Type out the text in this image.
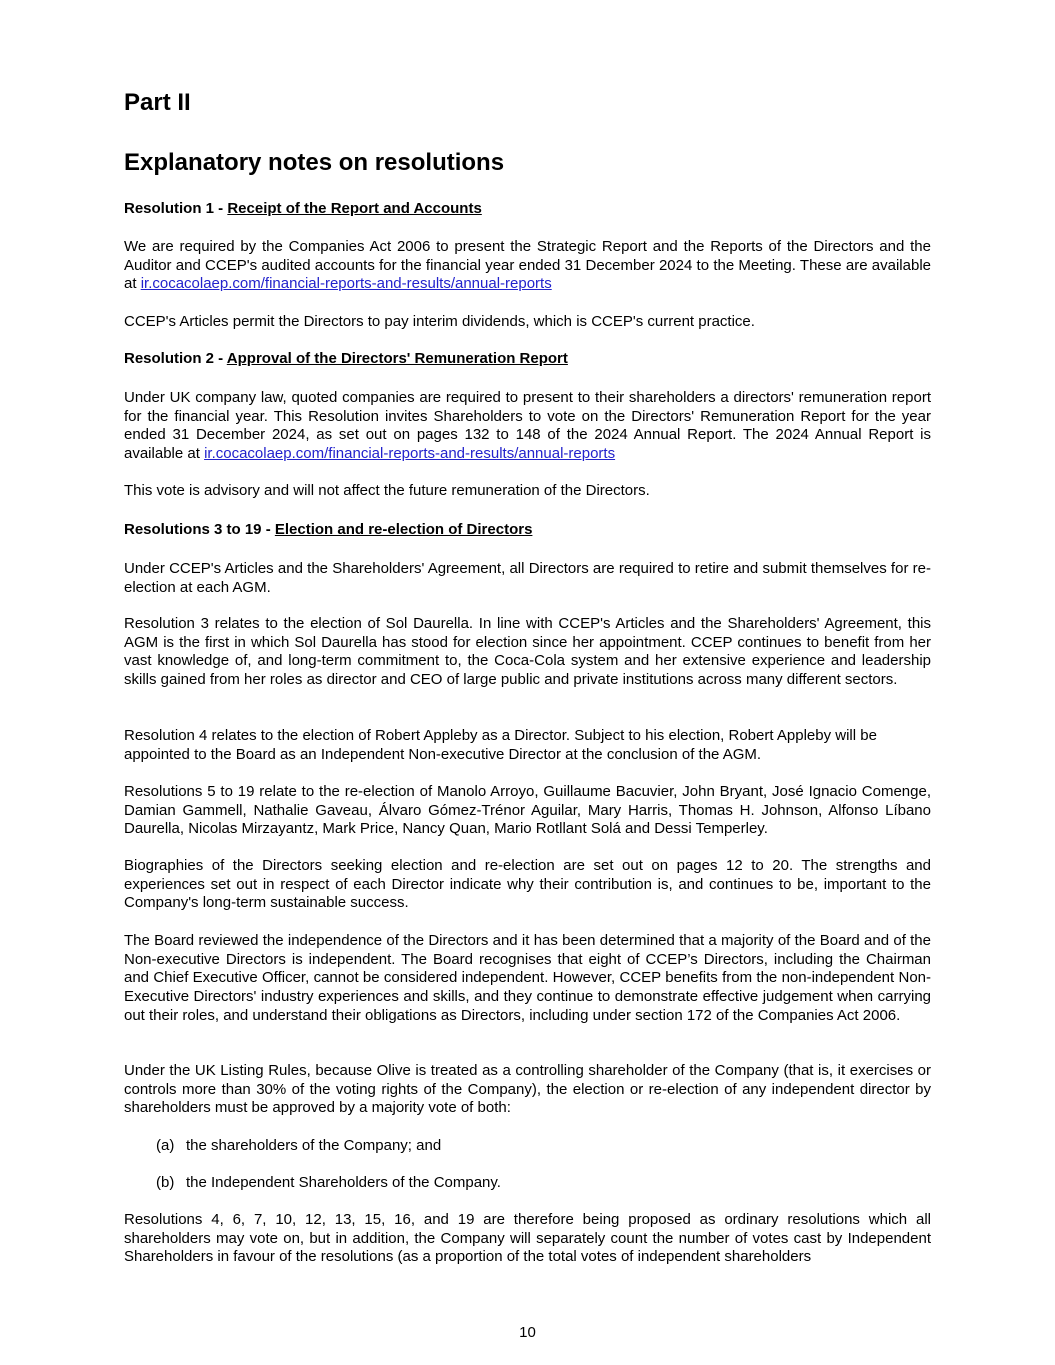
Part II
Explanatory notes on resolutions
Resolution 1 - Receipt of the Report and Accounts

We are required by the Companies Act 2006 to present the Strategic Report and the Reports of the Directors and the Auditor and CCEP's audited accounts for the financial year ended 31 December 2024 to the Meeting. These are available at ir.cocacolaep.com/financial-reports-and-results/annual-reports

CCEP's Articles permit the Directors to pay interim dividends, which is CCEP's current practice.

Resolution 2 - Approval of the Directors' Remuneration Report

Under UK company law, quoted companies are required to present to their shareholders a directors' remuneration report for the financial year. This Resolution invites Shareholders to vote on the Directors' Remuneration Report for the year ended 31 December 2024, as set out on pages 132 to 148 of the 2024 Annual Report. The 2024 Annual Report is available at ir.cocacolaep.com/financial-reports-and-results/annual-reports

This vote is advisory and will not affect the future remuneration of the Directors.

Resolutions 3 to 19 - Election and re-election of Directors

Under CCEP's Articles and the Shareholders' Agreement, all Directors are required to retire and submit themselves for re-election at each AGM.

Resolution 3 relates to the election of Sol Daurella. In line with CCEP's Articles and the Shareholders' Agreement, this AGM is the first in which Sol Daurella has stood for election since her appointment. CCEP continues to benefit from her vast knowledge of, and long-term commitment to, the Coca-Cola system and her extensive experience and leadership skills gained from her roles as director and CEO of large public and private institutions across many different sectors.

Resolution 4 relates to the election of Robert Appleby as a Director. Subject to his election, Robert Appleby will be appointed to the Board as an Independent Non-executive Director at the conclusion of the AGM.

Resolutions 5 to 19 relate to the re-election of Manolo Arroyo, Guillaume Bacuvier, John Bryant, José Ignacio Comenge, Damian Gammell, Nathalie Gaveau, Álvaro Gómez-Trénor Aguilar, Mary Harris, Thomas H. Johnson, Alfonso Líbano Daurella, Nicolas Mirzayantz, Mark Price, Nancy Quan, Mario Rotllant Solá and Dessi Temperley.

Biographies of the Directors seeking election and re-election are set out on pages 12 to 20. The strengths and experiences set out in respect of each Director indicate why their contribution is, and continues to be, important to the Company's long-term sustainable success.

The Board reviewed the independence of the Directors and it has been determined that a majority of the Board and of the Non-executive Directors is independent. The Board recognises that eight of CCEP’s Directors, including the Chairman and Chief Executive Officer, cannot be considered independent. However, CCEP benefits from the non-independent Non-Executive Directors' industry experiences and skills, and they continue to demonstrate effective judgement when carrying out their roles, and understand their obligations as Directors, including under section 172 of the Companies Act 2006.

Under the UK Listing Rules, because Olive is treated as a controlling shareholder of the Company (that is, it exercises or controls more than 30% of the voting rights of the Company), the election or re-election of any independent director by shareholders must be approved by a majority vote of both:

(a) the shareholders of the Company; and
(b) the Independent Shareholders of the Company.

Resolutions 4, 6, 7, 10, 12, 13, 15, 16, and 19 are therefore being proposed as ordinary resolutions which all shareholders may vote on, but in addition, the Company will separately count the number of votes cast by Independent Shareholders in favour of the resolutions (as a proportion of the total votes of independent shareholders

10
